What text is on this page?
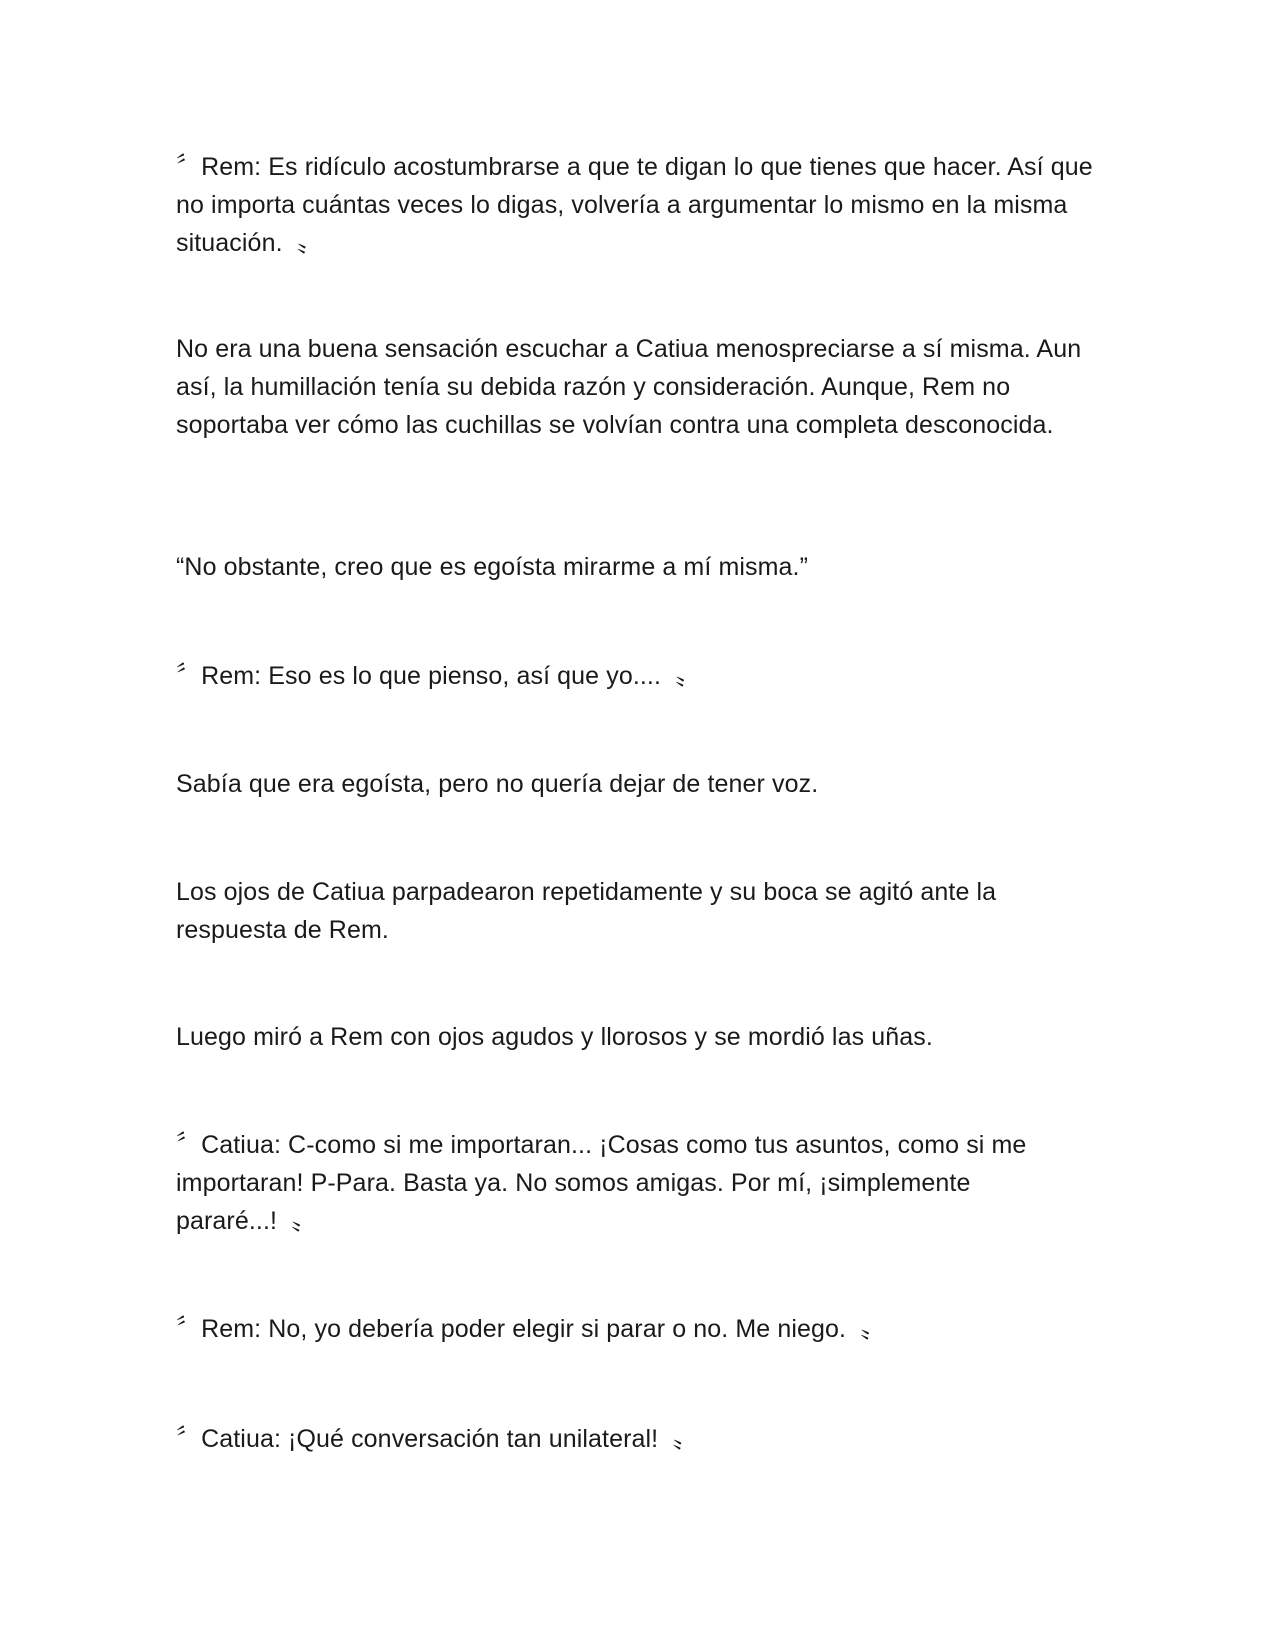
〞Rem: Es ridículo acostumbrarse a que te digan lo que tienes que hacer. Así que no importa cuántas veces lo digas, volvería a argumentar lo mismo en la misma situación.  〟

No era una buena sensación escuchar a Catiua menospreciarse a sí misma. Aun así, la humillación tenía su debida razón y consideración. Aunque, Rem no soportaba ver cómo las cuchillas se volvían contra una completa desconocida.

“No obstante, creo que es egoísta mirarme a mí misma.”

〞Rem: Eso es lo que pienso, así que yo....  〟

Sabía que era egoísta, pero no quería dejar de tener voz.

Los ojos de Catiua parpadearon repetidamente y su boca se agitó ante la respuesta de Rem.

Luego miró a Rem con ojos agudos y llorosos y se mordió las uñas.

〞Catiua: C-como si me importaran... ¡Cosas como tus asuntos, como si me importaran! P-Para. Basta ya. No somos amigas. Por mí, ¡simplemente pararé...!  〟

〞Rem: No, yo debería poder elegir si parar o no. Me niego.  〟

〞Catiua: ¡Qué conversación tan unilateral!  〟
